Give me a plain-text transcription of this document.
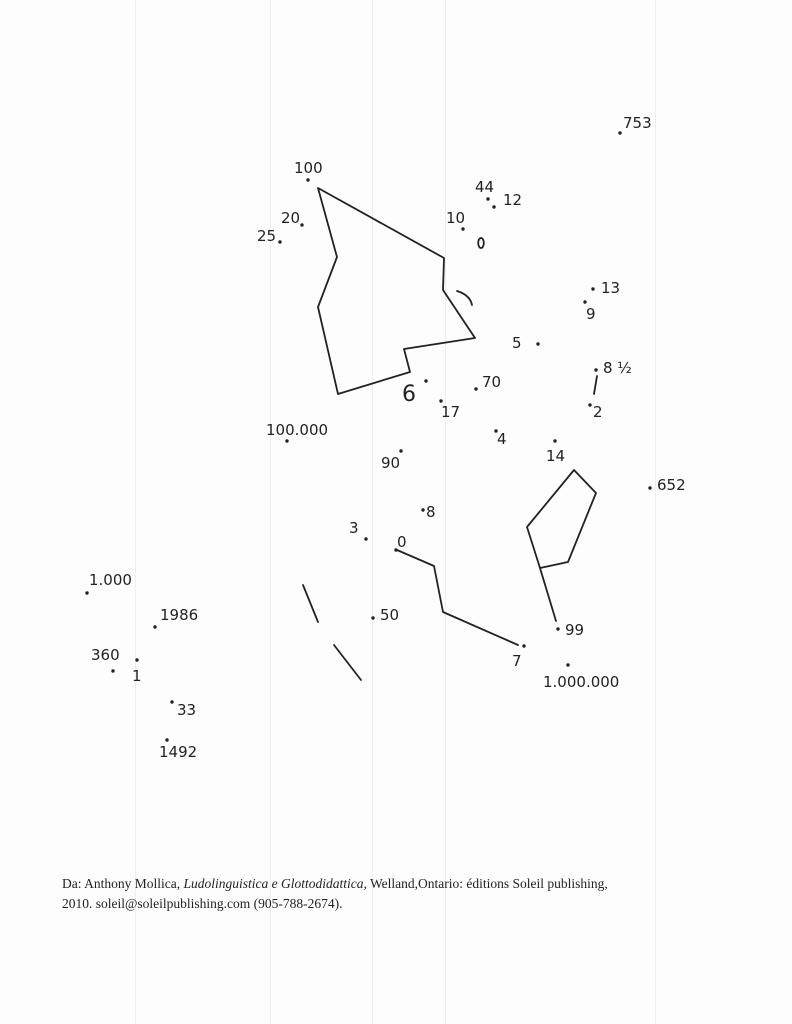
753
100
44
12
20	10
25
13
9
5
8 ½
70
6
17	2
100.000	4
14
90
652
8
3
0
1.000
1986	50
99
360
1
7
1.000.000
33
1492
Da: Anthony Mollica, Ludolinguistica e Glottodidattica, Welland,Ontario: éditions Soleil publishing,
2010. soleil@soleilpublishing.com (905-788-2674).
